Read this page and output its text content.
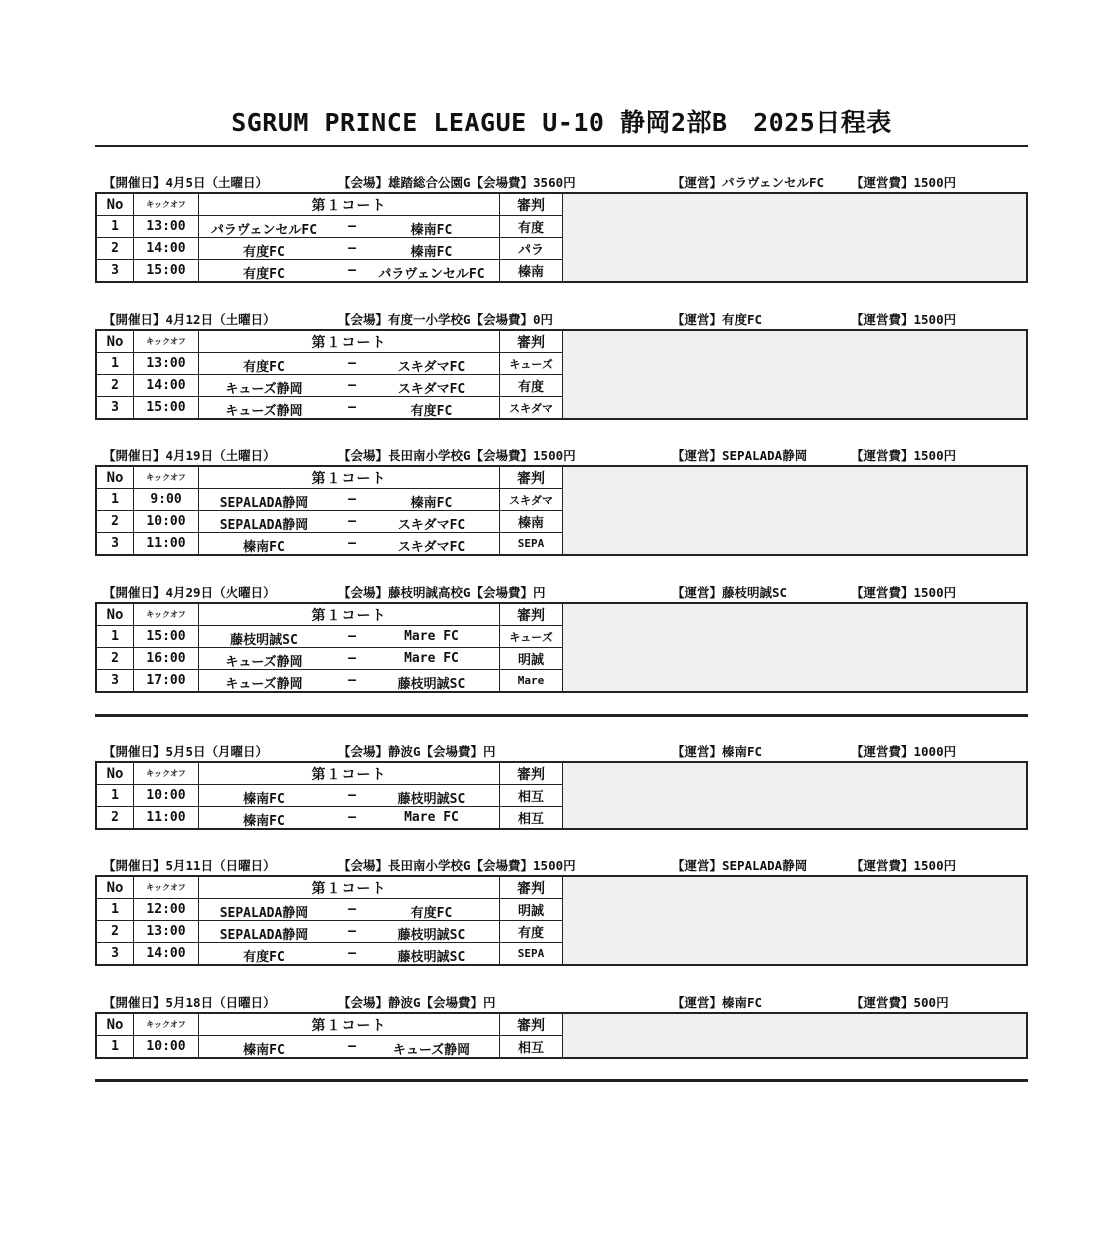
SGRUM PRINCE LEAGUE U-10 静岡2部B　2025日程表
【開催日】4月5日（土曜日）	【会場】雄踏総合公園G【会場費】3560円	【運営】パラヴェンセルFC 【運営費】1500円
No	キックオフ	第１コート	審判	
1	13:00	パラヴェンセルFC ― 榛南FC	有度	
2	14:00	有度FC ― 榛南FC	パラ	
3	15:00	有度FC ― パラヴェンセルFC	榛南	
【開催日】4月12日（土曜日）	【会場】有度一小学校G【会場費】0円	【運営】有度FC	【運営費】1500円
No	キックオフ	第１コート	審判	
1	13:00	有度FC ― スキダマFC	キューズ	
2	14:00	キューズ静岡 ― スキダマFC	有度	
3	15:00	キューズ静岡 ― 有度FC	スキダマ	
【開催日】4月19日（土曜日）	【会場】長田南小学校G【会場費】1500円	【運営】SEPALADA静岡	【運営費】1500円
No	キックオフ	第１コート	審判	
1	9:00	SEPALADA静岡 ― 榛南FC	スキダマ	
2	10:00	SEPALADA静岡 ― スキダマFC	榛南	
3	11:00	榛南FC ― スキダマFC	SEPA	
【開催日】4月29日（火曜日）	【会場】藤枝明誠高校G【会場費】円	【運営】藤枝明誠SC	【運営費】1500円
No	キックオフ	第１コート	審判	
1	15:00	藤枝明誠SC ― Mare FC	キューズ	
2	16:00	キューズ静岡 ― Mare FC	明誠	
3	17:00	キューズ静岡 ― 藤枝明誠SC	Mare	
【開催日】5月5日（月曜日）	【会場】静波G【会場費】円	【運営】榛南FC	【運営費】1000円
No	キックオフ	第１コート	審判	
1	10:00	榛南FC ― 藤枝明誠SC	相互	
2	11:00	榛南FC ― Mare FC	相互	
【開催日】5月11日（日曜日）	【会場】長田南小学校G【会場費】1500円	【運営】SEPALADA静岡	【運営費】1500円
No	キックオフ	第１コート	審判	
1	12:00	SEPALADA静岡 ― 有度FC	明誠	
2	13:00	SEPALADA静岡 ― 藤枝明誠SC	有度	
3	14:00	有度FC ― 藤枝明誠SC	SEPA	
【開催日】5月18日（日曜日）	【会場】静波G【会場費】円	【運営】榛南FC	【運営費】500円
No	キックオフ	第１コート	審判	
1	10:00	榛南FC ― キューズ静岡	相互	
